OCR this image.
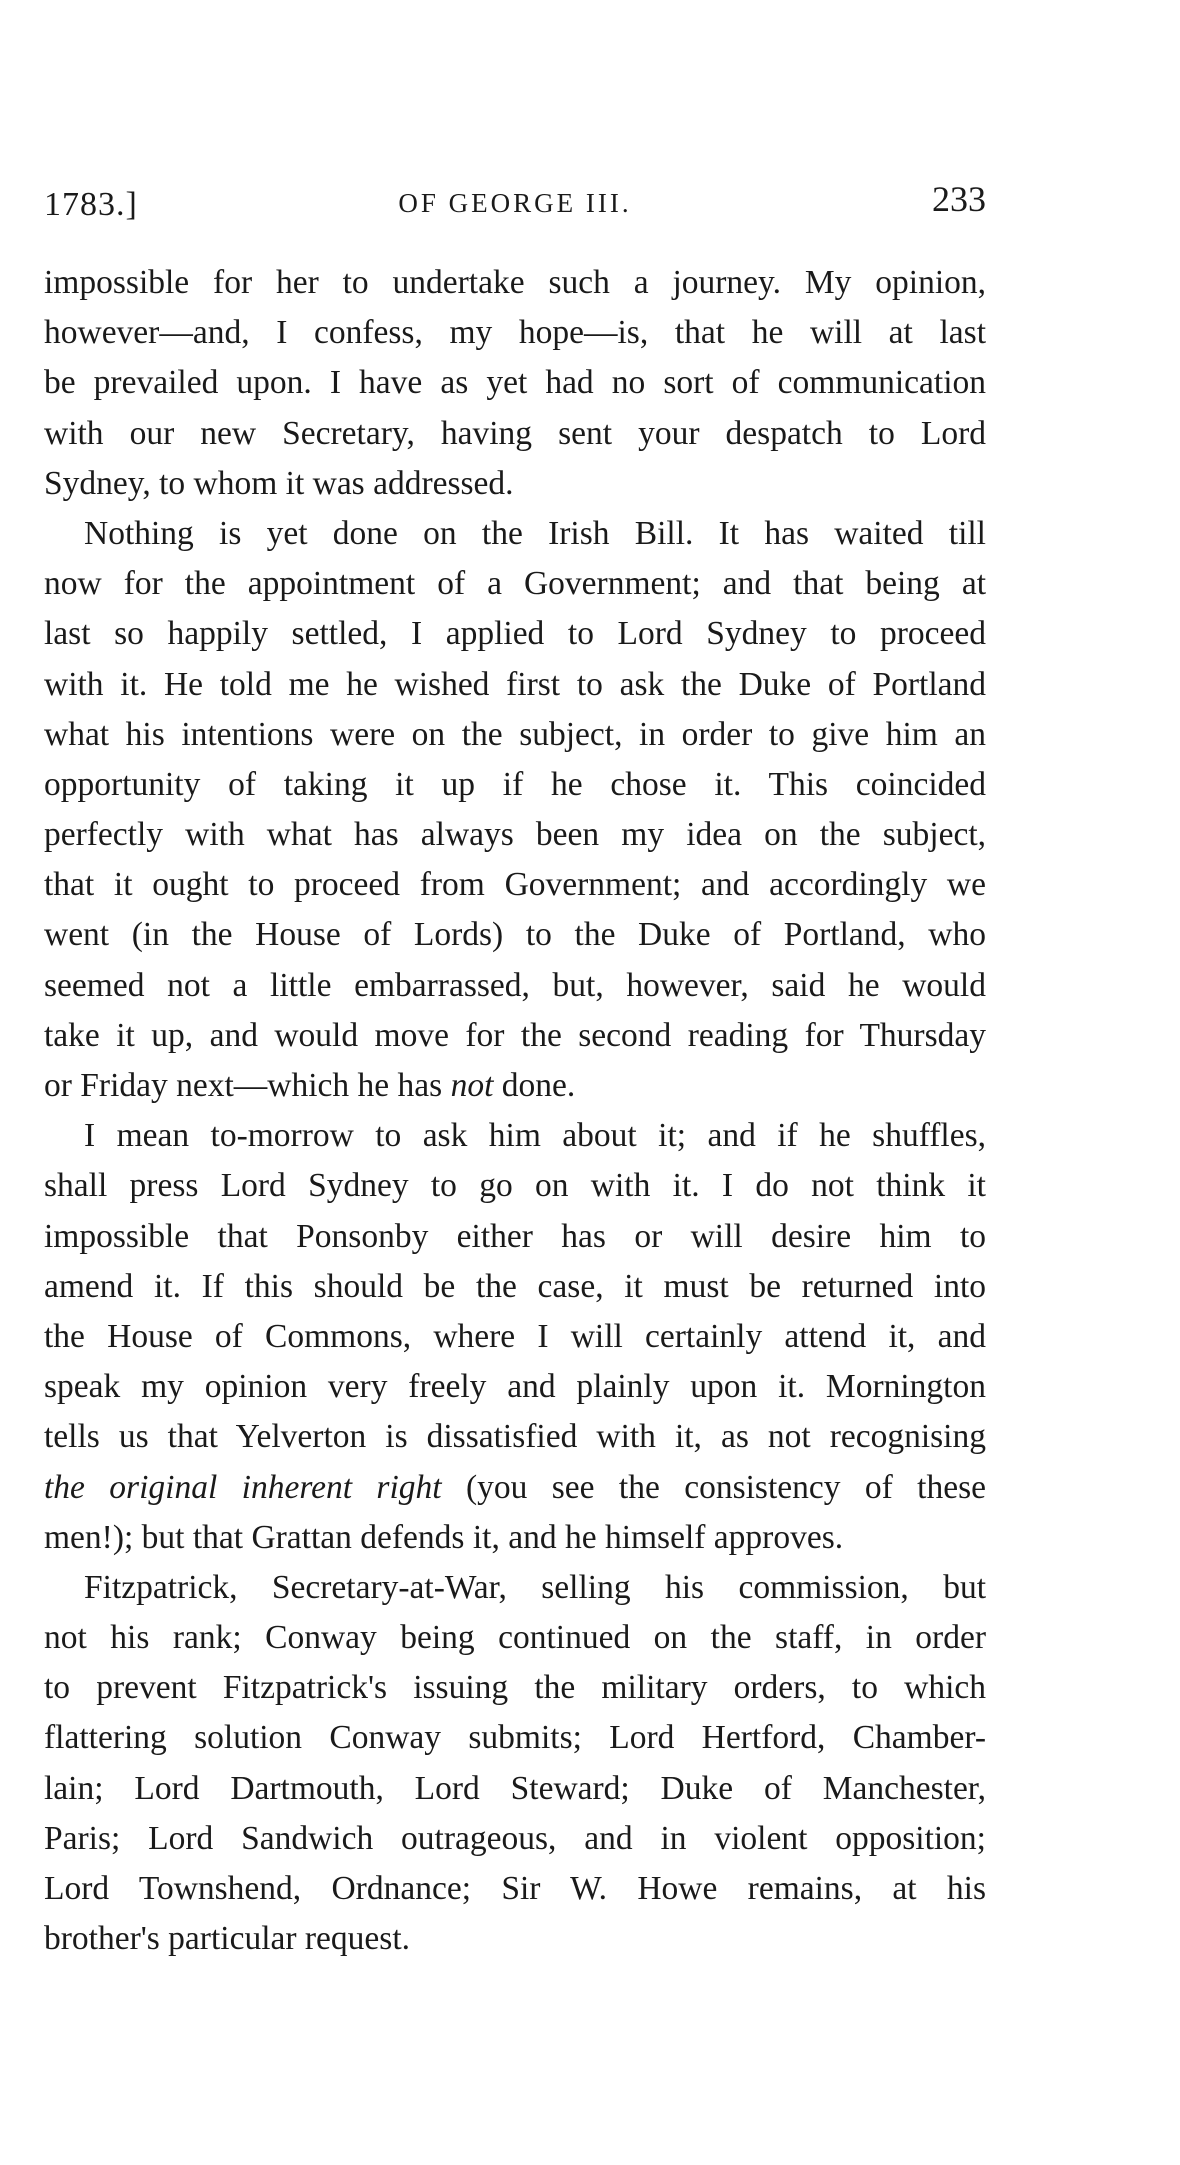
1783.]	OF GEORGE III.	233
impossible for her to undertake such a journey. My opinion,
however—and, I confess, my hope—is, that he will at last
be prevailed upon. I have as yet had no sort of communication
with our new Secretary, having sent your despatch to Lord
Sydney, to whom it was addressed.
Nothing is yet done on the Irish Bill. It has waited till
now for the appointment of a Government; and that being at
last so happily settled, I applied to Lord Sydney to proceed
with it. He told me he wished first to ask the Duke of Portland
what his intentions were on the subject, in order to give him an
opportunity of taking it up if he chose it. This coincided
perfectly with what has always been my idea on the subject,
that it ought to proceed from Government; and accordingly we
went (in the House of Lords) to the Duke of Portland, who
seemed not a little embarrassed, but, however, said he would
take it up, and would move for the second reading for Thursday
or Friday next—which he has not done.
I mean to-morrow to ask him about it; and if he shuffles,
shall press Lord Sydney to go on with it. I do not think it
impossible that Ponsonby either has or will desire him to
amend it. If this should be the case, it must be returned into
the House of Commons, where I will certainly attend it, and
speak my opinion very freely and plainly upon it. Mornington
tells us that Yelverton is dissatisfied with it, as not recognising
the original inherent right (you see the consistency of these
men!); but that Grattan defends it, and he himself approves.
Fitzpatrick, Secretary-at-War, selling his commission, but
not his rank; Conway being continued on the staff, in order
to prevent Fitzpatrick's issuing the military orders, to which
flattering solution Conway submits; Lord Hertford, Chamber-
lain; Lord Dartmouth, Lord Steward; Duke of Manchester,
Paris; Lord Sandwich outrageous, and in violent opposition;
Lord Townshend, Ordnance; Sir W. Howe remains, at his
brother's particular request.
